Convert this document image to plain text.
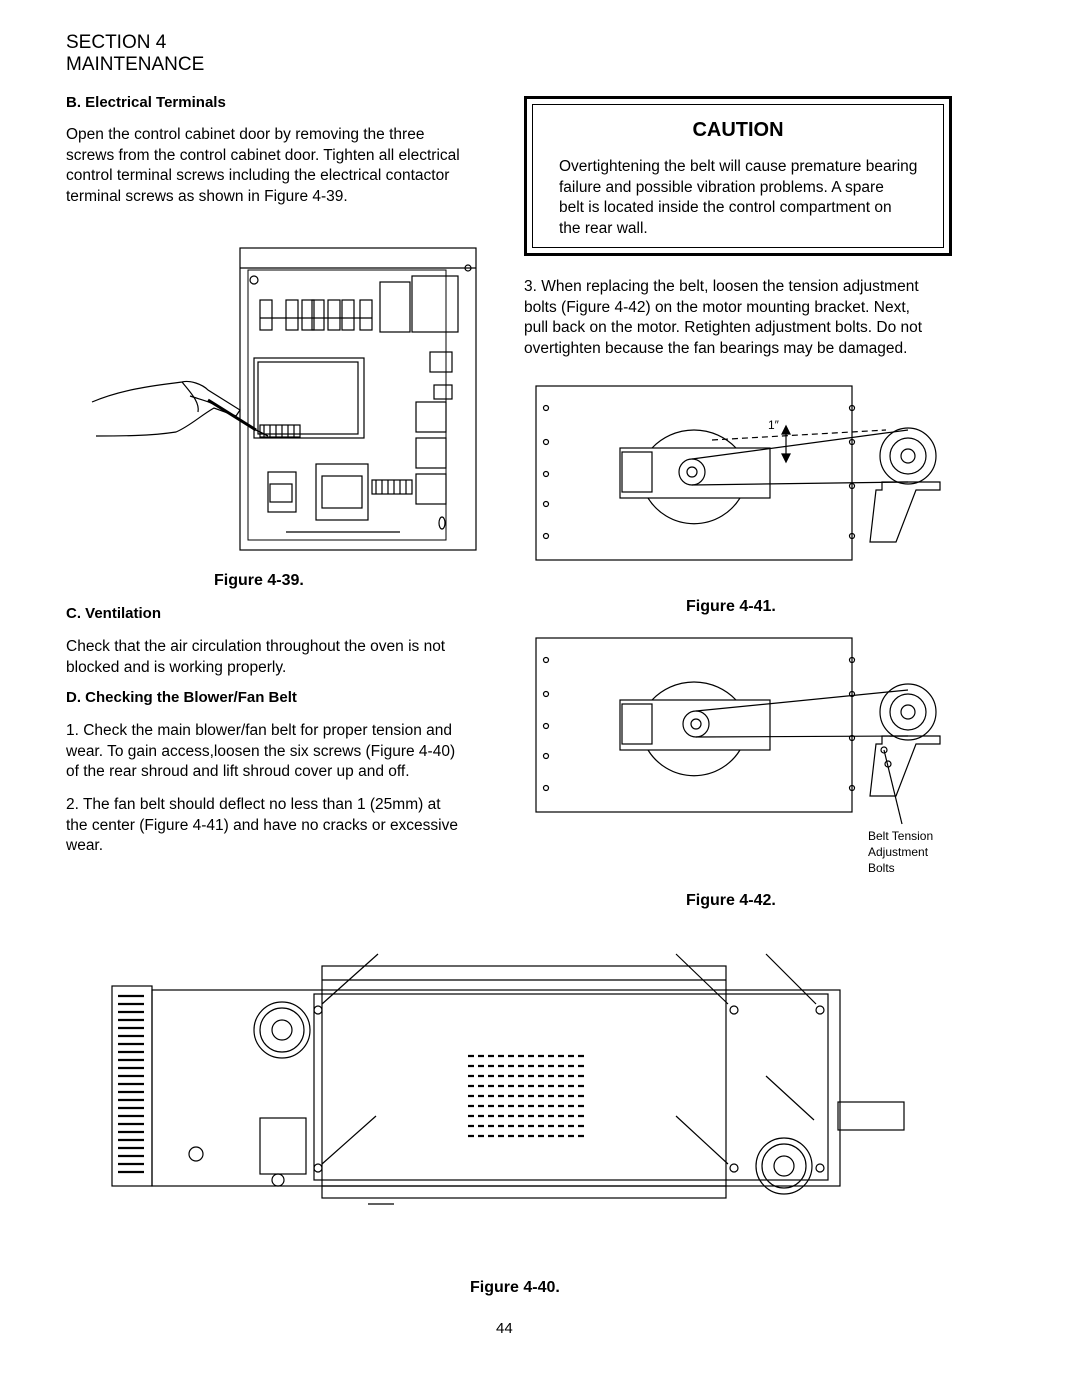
SECTION 4
MAINTENANCE
B. Electrical Terminals
Open the control cabinet door by removing the three
screws from the control cabinet door. Tighten all electrical
control terminal screws including the electrical contactor
terminal screws as shown in Figure 4-39.
CAUTION
Overtightening the belt will cause premature bearing
failure and possible vibration problems. A spare
belt is located inside the control compartment on
the rear wall.
3. When replacing the belt, loosen the tension adjustment
bolts (Figure 4-42) on the motor mounting bracket. Next,
pull back on the motor. Retighten adjustment bolts. Do not
overtighten because the fan bearings may be damaged.
Figure 4-39.
C. Ventilation
Check that the air circulation throughout the oven is not
blocked and is working properly.
D. Checking the Blower/Fan Belt
1. Check the main blower/fan belt for proper tension and
wear. To gain access,loosen the six screws (Figure 4-40)
of the rear shroud and lift shroud cover up and off.
2. The fan belt should deflect no less than 1 (25mm) at
the center (Figure 4-41) and have no cracks or excessive
wear.
1″
Figure 4-41.
Belt Tension
Adjustment
Bolts
Figure 4-42.
Figure 4-40.
44
